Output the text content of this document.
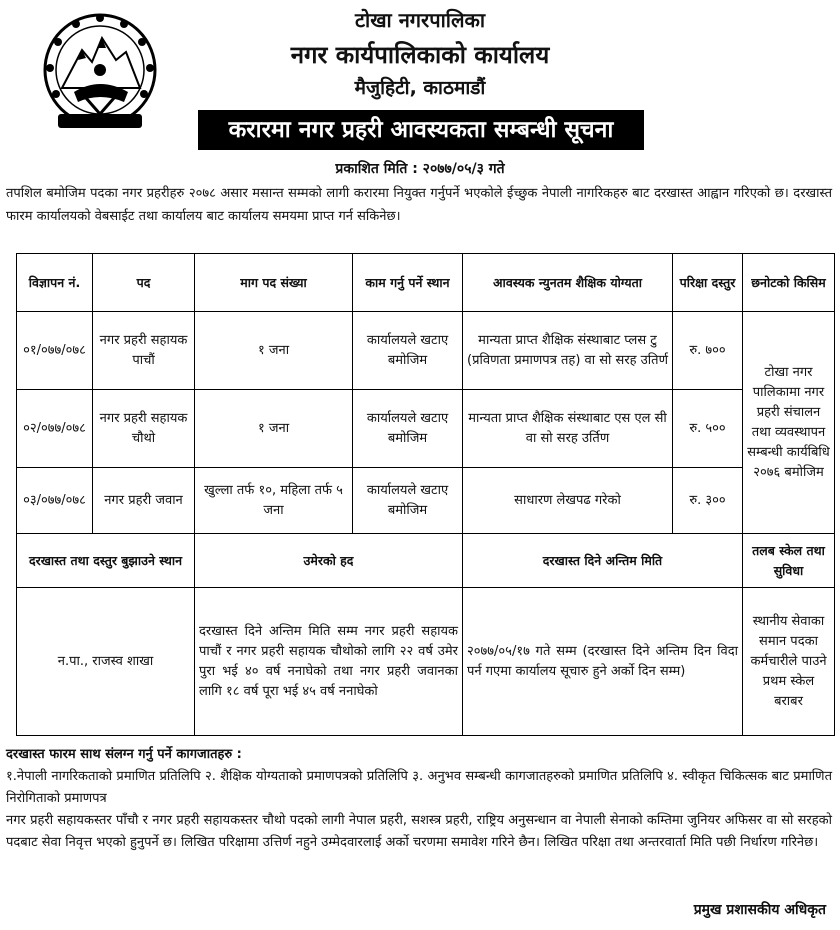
टोखा नगरपालिका
नगर कार्यपालिकाको कार्यालय
मैजुहिटी, काठमाडौं
करारमा नगर प्रहरी आवस्यकता सम्बन्धी सूचना
प्रकाशित मिति : २०७७/०५/३ गते
तपशिल बमोजिम पदका नगर प्रहरीहरु २०७८ असार मसान्त सम्मको लागी करारमा नियुक्त गर्नुपर्ने भएकोले ईच्छुक नेपाली नागरिकहरु बाट दरखास्त आह्वान गरिएको छ। दरखास्त फारम कार्यालयको वेबसाईट तथा कार्यालय बाट कार्यालय समयमा प्राप्त गर्न सकिनेछ।
विज्ञापन नं.	पद	माग पद संख्या	काम गर्नु पर्ने स्थान	आवस्यक न्युनतम शैक्षिक योग्यता	परिक्षा दस्तुर	छनोटको किसिम
०१/०७७/०७८	नगर प्रहरी सहायक पाचौं	१ जना	कार्यालयले खटाए बमोजिम	मान्यता प्राप्त शैक्षिक संस्थाबाट प्लस टु (प्रविणता प्रमाणपत्र तह) वा सो सरह उतिर्ण	रु. ७००	टोखा नगर पालिकामा नगर प्रहरी संचालन तथा व्यवस्थापन सम्बन्धी कार्यबिधि २०७६ बमोजिम
०२/०७७/०७८	नगर प्रहरी सहायक चौथो	१ जना	कार्यालयले खटाए बमोजिम	मान्यता प्राप्त शैक्षिक संस्थाबाट एस एल सी वा सो सरह उर्तिण	रु. ५००	
०३/०७७/०७८	नगर प्रहरी जवान	खुल्ला तर्फ १०, महिला तर्फ ५ जना	कार्यालयले खटाए बमोजिम	साधारण लेखपढ गरेको	रु. ३००	
दरखास्त तथा दस्तुर बुझाउने स्थान		उमेरको हद		दरखास्त दिने अन्तिम मिति		तलब स्केल तथा सुविधा
न.पा., राजस्व शाखा		दरखास्त दिने अन्तिम मिति सम्म नगर प्रहरी सहायक पाचौं र नगर प्रहरी सहायक चौथोको लागि २२ वर्ष उमेर पुरा भई ४० वर्ष ननाघेको तथा नगर प्रहरी जवानका लागि १८ वर्ष पूरा भई ४५ वर्ष ननाघेको		२०७७/०५/१७ गते सम्म (दरखास्त दिने अन्तिम दिन विदा पर्न गएमा कार्यालय सूचारु हुने अर्को दिन सम्म)		स्थानीय सेवाका समान पदका कर्मचारीले पाउने प्रथम स्केल बराबर
दरखास्त फारम साथ संलग्न गर्नु पर्ने कागजातहरु :
१.नेपाली नागरिकताको प्रमाणित प्रतिलिपि २. शैक्षिक योग्यताको प्रमाणपत्रको प्रतिलिपि ३. अनुभव सम्बन्धी कागजातहरुको प्रमाणित प्रतिलिपि ४. स्वीकृत चिकित्सक बाट प्रमाणित निरोगिताको प्रमाणपत्र
नगर प्रहरी सहायकस्तर पाँचौ र नगर प्रहरी सहायकस्तर चौथो पदको लागी नेपाल प्रहरी, सशस्त्र प्रहरी, राष्ट्रिय अनुसन्धान वा नेपाली सेनाको कम्तिमा जुनियर अफिसर वा सो सरहको पदबाट सेवा निवृत्त भएको हुनुपर्ने छ। लिखित परिक्षामा उत्तिर्ण नहुने उम्मेदवारलाई अर्को चरणमा समावेश गरिने छैन। लिखित परिक्षा तथा अन्तरवार्ता मिति पछी निर्धारण गरिनेछ।
प्रमुख प्रशासकीय अधिकृत
